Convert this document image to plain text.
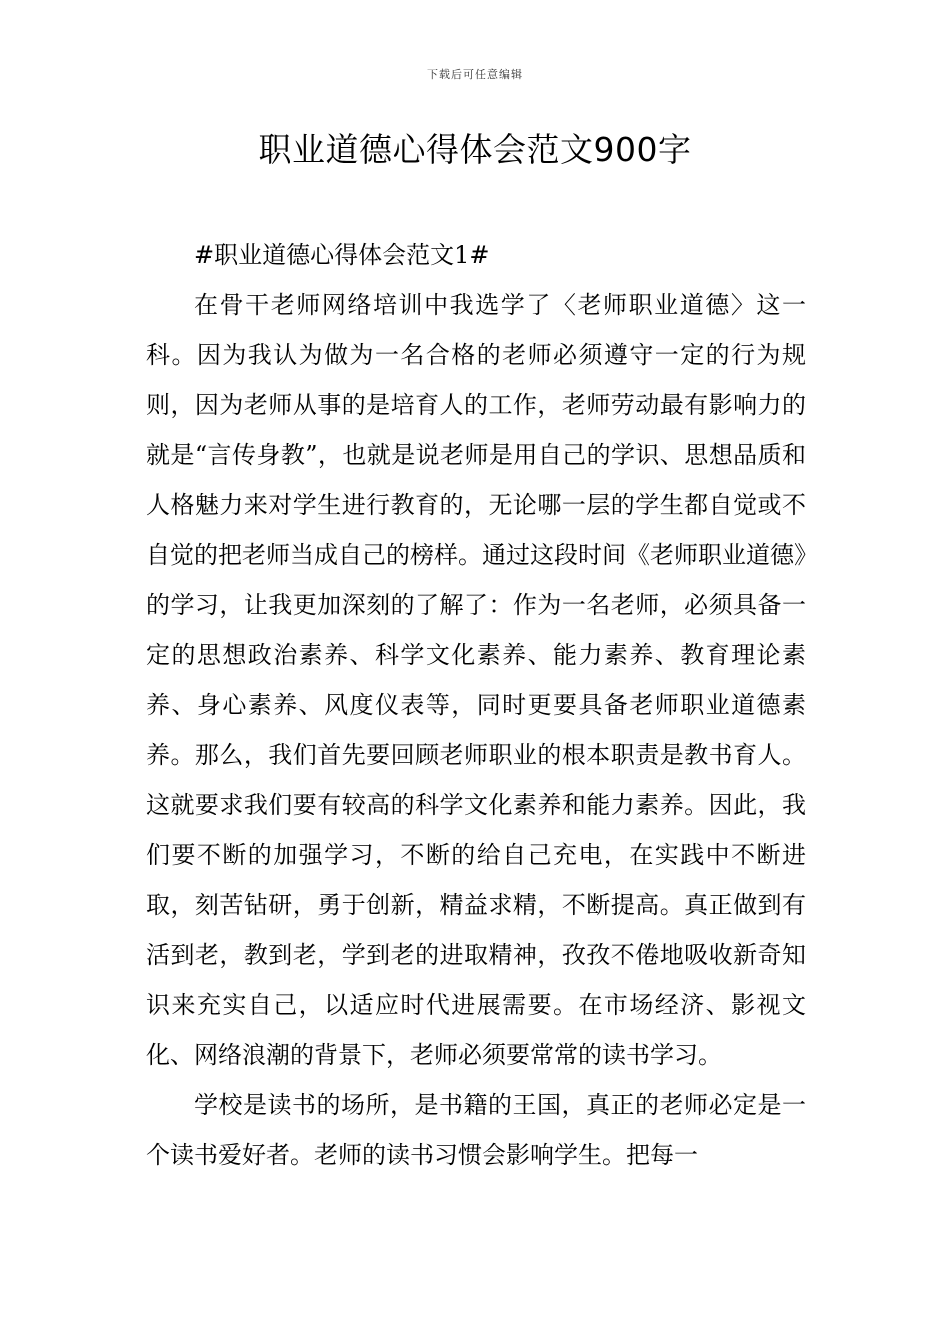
下载后可任意编辑
职业道德心得体会范文900字

#职业道德心得体会范文1#

在骨干老师网络培训中我选学了〈老师职业道德〉这一科。因为我认为做为一名合格的老师必须遵守一定的行为规则，因为老师从事的是培育人的工作，老师劳动最有影响力的就是“言传身教”，也就是说老师是用自己的学识、思想品质和人格魅力来对学生进行教育的，无论哪一层的学生都自觉或不自觉的把老师当成自己的榜样。通过这段时间《老师职业道德》的学习，让我更加深刻的了解了：作为一名老师，必须具备一定的思想政治素养、科学文化素养、能力素养、教育理论素养、身心素养、风度仪表等，同时更要具备老师职业道德素养。那么，我们首先要回顾老师职业的根本职责是教书育人。这就要求我们要有较高的科学文化素养和能力素养。因此，我们要不断的加强学习，不断的给自己充电，在实践中不断进取，刻苦钻研，勇于创新，精益求精，不断提高。真正做到有活到老，教到老，学到老的进取精神，孜孜不倦地吸收新奇知识来充实自己，以适应时代进展需要。在市场经济、影视文化、网络浪潮的背景下，老师必须要常常的读书学习。

学校是读书的场所，是书籍的王国，真正的老师必定是一个读书爱好者。老师的读书习惯会影响学生。把每一
